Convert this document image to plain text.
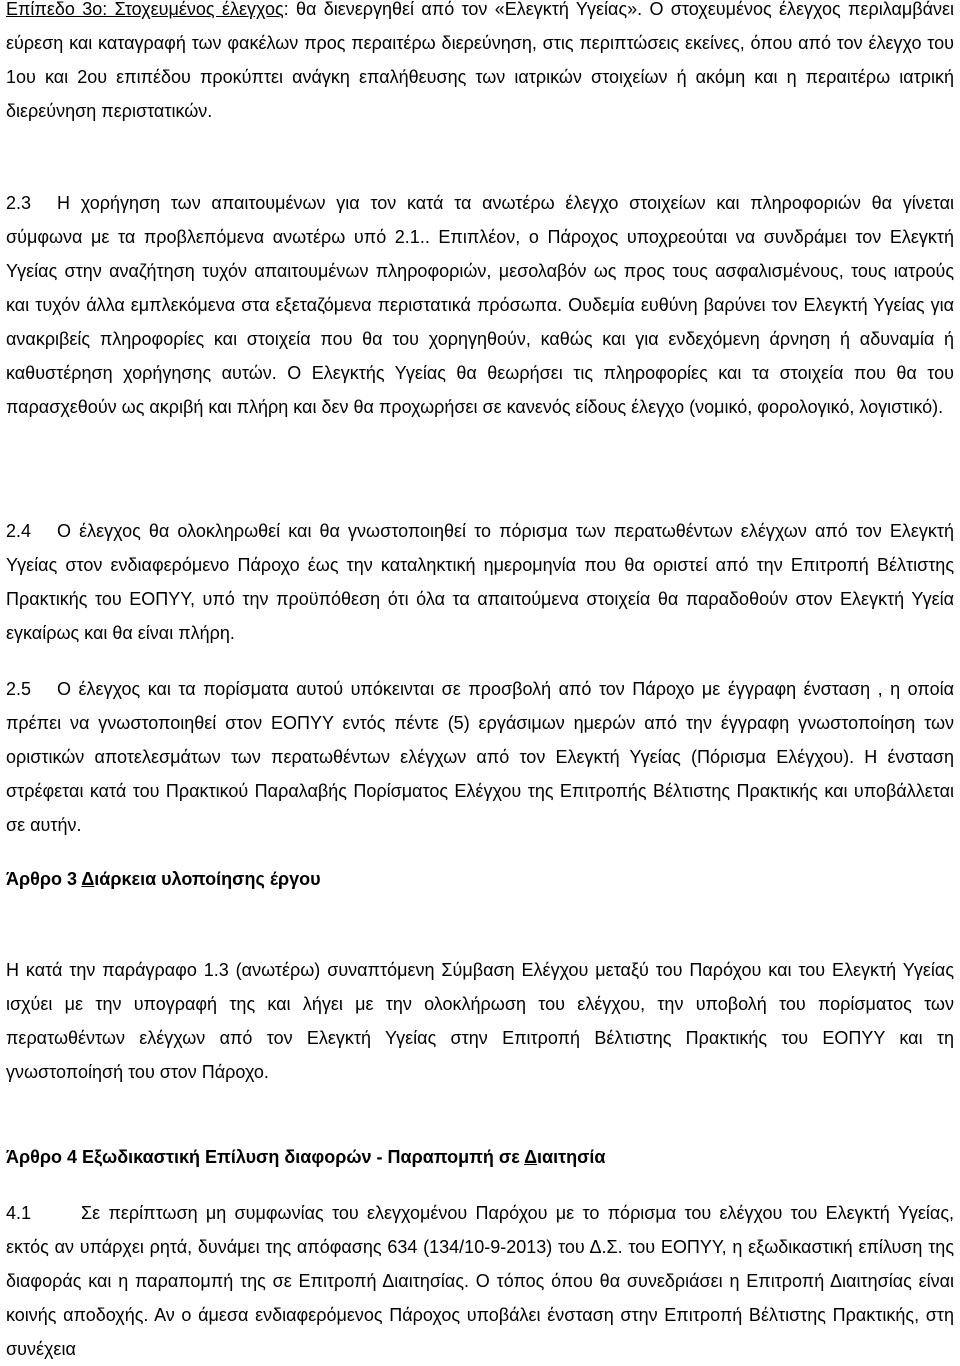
Επίπεδο 3ο: Στοχευμένος έλεγχος: θα διενεργηθεί από τον «Ελεγκτή Υγείας». Ο στοχευμένος έλεγχος περιλαμβάνει εύρεση και καταγραφή των φακέλων προς περαιτέρω διερεύνηση, στις περιπτώσεις εκείνες, όπου από τον έλεγχο του 1ου και 2ου επιπέδου προκύπτει ανάγκη επαλήθευσης των ιατρικών στοιχείων ή ακόμη και η περαιτέρω ιατρική διερεύνηση περιστατικών.

2.3 Η χορήγηση των απαιτουμένων για τον κατά τα ανωτέρω έλεγχο στοιχείων και πληροφοριών θα γίνεται σύμφωνα με τα προβλεπόμενα ανωτέρω υπό 2.1.. Επιπλέον, ο Πάροχος υποχρεούται να συνδράμει τον Ελεγκτή Υγείας στην αναζήτηση τυχόν απαιτουμένων πληροφοριών, μεσολαβόν ως προς τους ασφαλισμένους, τους ιατρούς και τυχόν άλλα εμπλεκόμενα στα εξεταζόμενα περιστατικά πρόσωπα. Ουδεμία ευθύνη βαρύνει τον Ελεγκτή Υγείας για ανακριβείς πληροφορίες και στοιχεία που θα του χορηγηθούν, καθώς και για ενδεχόμενη άρνηση ή αδυναμία ή καθυστέρηση χορήγησης αυτών. Ο Ελεγκτής Υγείας θα θεωρήσει τις πληροφορίες και τα στοιχεία που θα του παρασχεθούν ως ακριβή και πλήρη και δεν θα προχωρήσει σε κανενός είδους έλεγχο (νομικό, φορολογικό, λογιστικό).

2.4 Ο έλεγχος θα ολοκληρωθεί και θα γνωστοποιηθεί το πόρισμα των περατωθέντων ελέγχων από τον Ελεγκτή Υγείας στον ενδιαφερόμενο Πάροχο έως την καταληκτική ημερομηνία που θα οριστεί από την Επιτροπή Βέλτιστης Πρακτικής του ΕΟΠΥΥ, υπό την προϋπόθεση ότι όλα τα απαιτούμενα στοιχεία θα παραδοθούν στον Ελεγκτή Υγεία εγκαίρως και θα είναι πλήρη.

2.5 Ο έλεγχος και τα πορίσματα αυτού υπόκεινται σε προσβολή από τον Πάροχο με έγγραφη ένσταση , η οποία πρέπει να γνωστοποιηθεί στον ΕΟΠΥΥ εντός πέντε (5) εργάσιμων ημερών από την έγγραφη γνωστοποίηση των οριστικών αποτελεσμάτων των περατωθέντων ελέγχων από τον Ελεγκτή Υγείας (Πόρισμα Ελέγχου). Η ένσταση στρέφεται κατά του Πρακτικού Παραλαβής Πορίσματος Ελέγχου της Επιτροπής Βέλτιστης Πρακτικής και υποβάλλεται σε αυτήν.

Άρθρο 3 Διάρκεια υλοποίησης έργου

Η κατά την παράγραφο 1.3 (ανωτέρω) συναπτόμενη Σύμβαση Ελέγχου μεταξύ του Παρόχου και του Ελεγκτή Υγείας ισχύει με την υπογραφή της και λήγει με την ολοκλήρωση του ελέγχου, την υποβολή του πορίσματος των περατωθέντων ελέγχων από τον Ελεγκτή Υγείας στην Επιτροπή Βέλτιστης Πρακτικής του ΕΟΠΥΥ και τη γνωστοποίησή του στον Πάροχο.

Άρθρο 4 Εξωδικαστική Επίλυση διαφορών - Παραπομπή σε Διαιτησία

4.1	Σε περίπτωση μη συμφωνίας του ελεγχομένου Παρόχου με το πόρισμα του ελέγχου του Ελεγκτή Υγείας, εκτός αν υπάρχει ρητά, δυνάμει της απόφασης 634 (134/10-9-2013) του Δ.Σ. του ΕΟΠΥΥ, η εξωδικαστική επίλυση της διαφοράς και η παραπομπή της σε Επιτροπή Διαιτησίας. Ο τόπος όπου θα συνεδριάσει η Επιτροπή Διαιτησίας είναι κοινής αποδοχής. Αν ο άμεσα ενδιαφερόμενος Πάροχος υποβάλει ένσταση στην Επιτροπή Βέλτιστης Πρακτικής, στη συνέχεια
